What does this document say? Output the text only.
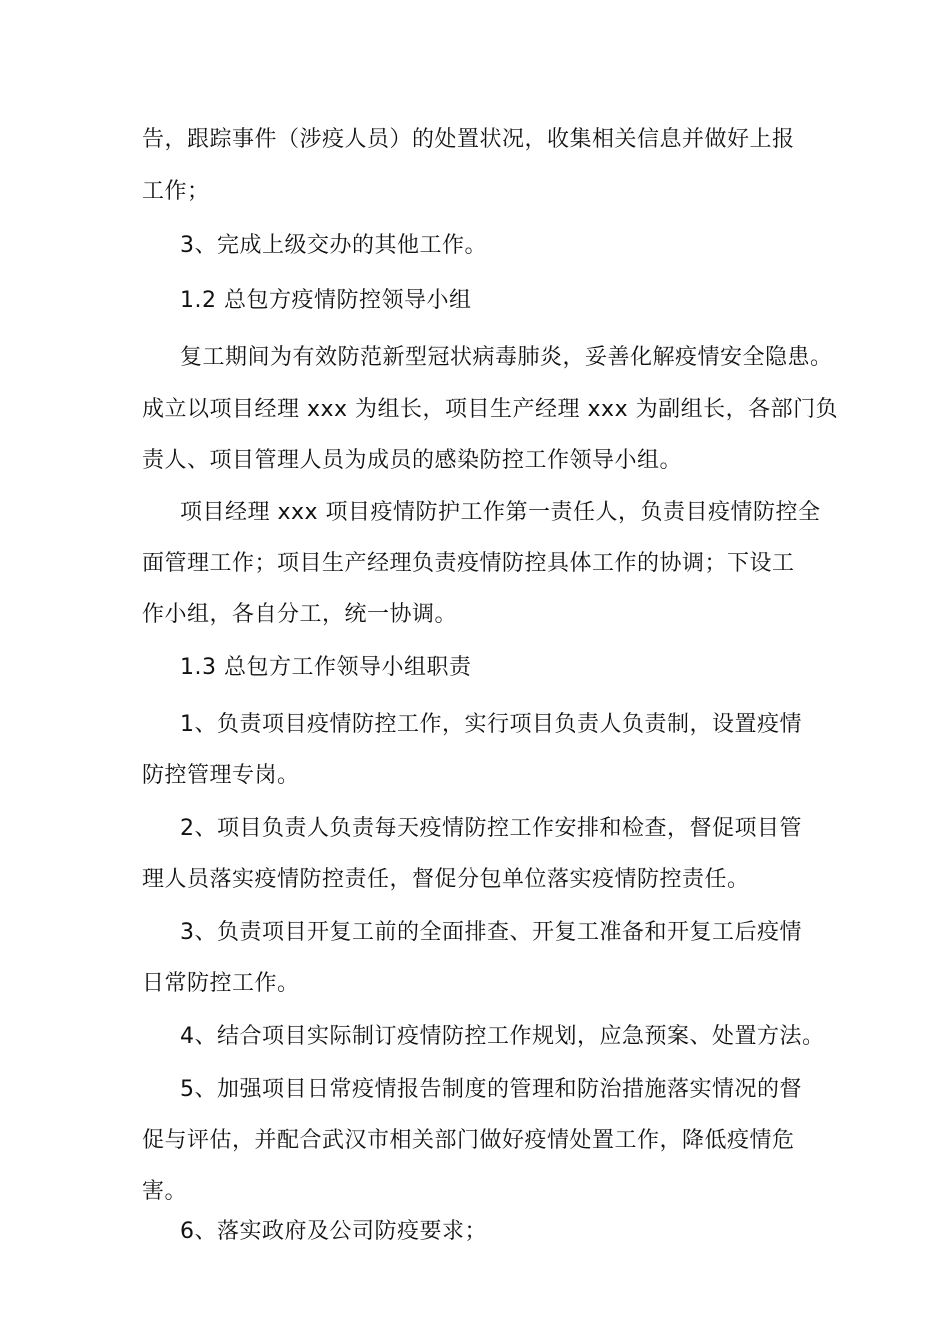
告，跟踪事件（涉疫人员）的处置状况，收集相关信息并做好上报
工作；
3、完成上级交办的其他工作。
1.2 总包方疫情防控领导小组
复工期间为有效防范新型冠状病毒肺炎，妥善化解疫情安全隐患。
成立以项目经理 xxx 为组长，项目生产经理 xxx 为副组长，各部门负
责人、项目管理人员为成员的感染防控工作领导小组。
项目经理 xxx 项目疫情防护工作第一责任人，负责目疫情防控全
面管理工作；项目生产经理负责疫情防控具体工作的协调；下设工
作小组，各自分工，统一协调。
1.3 总包方工作领导小组职责
1、负责项目疫情防控工作，实行项目负责人负责制，设置疫情
防控管理专岗。
2、项目负责人负责每天疫情防控工作安排和检查，督促项目管
理人员落实疫情防控责任，督促分包单位落实疫情防控责任。
3、负责项目开复工前的全面排查、开复工准备和开复工后疫情
日常防控工作。
4、结合项目实际制订疫情防控工作规划，应急预案、处置方法。
5、加强项目日常疫情报告制度的管理和防治措施落实情况的督
促与评估，并配合武汉市相关部门做好疫情处置工作，降低疫情危
害。
6、落实政府及公司防疫要求；
